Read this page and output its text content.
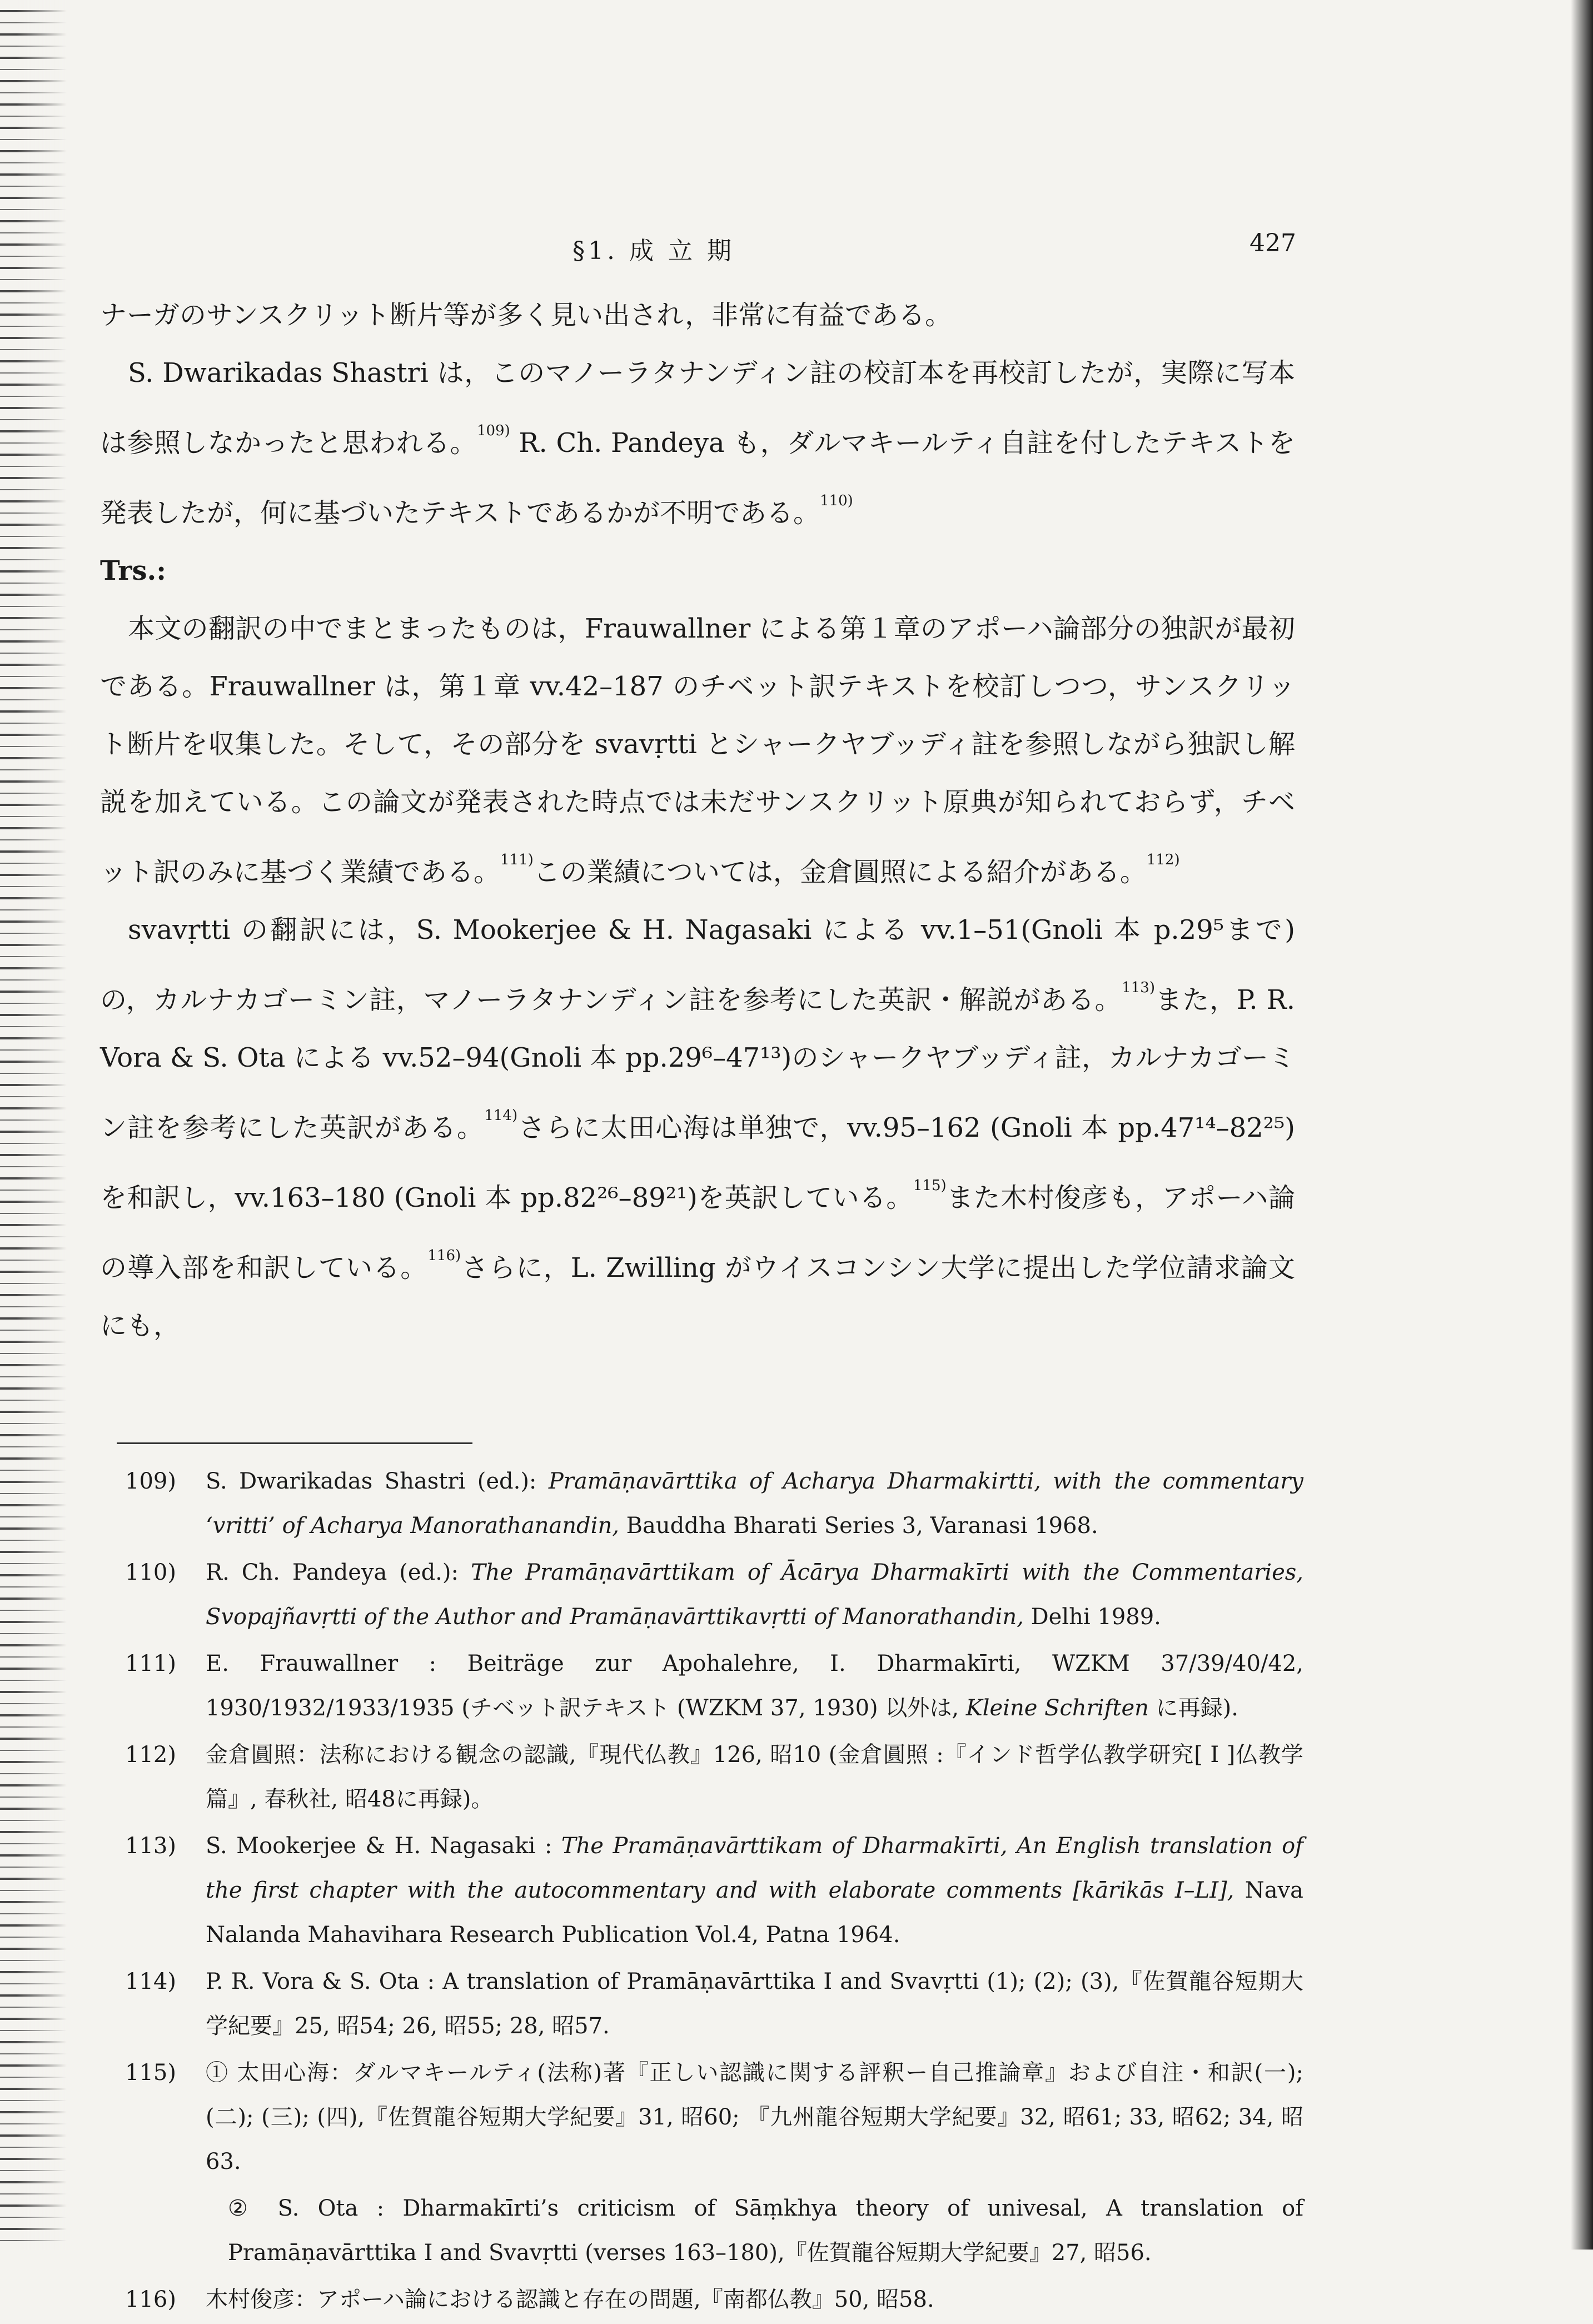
§1. 成 立 期	427

ナーガのサンスクリット断片等が多く見い出され，非常に有益である。

S. Dwarikadas Shastri は，このマノーラタナンディン註の校訂本を再校訂したが，実際に写本は参照しなかったと思われる。$^{109)}$ R. Ch. Pandeya も，ダルマキールティ自註を付したテキストを発表したが，何に基づいたテキストであるかが不明である。$^{110)}$

Trs.:

本文の翻訳の中でまとまったものは，Frauwallner による第１章のアポーハ論部分の独訳が最初である。Frauwallner は，第１章 vv.42–187 のチベット訳テキストを校訂しつつ，サンスクリット断片を収集した。そして，その部分を svavṛtti とシャークヤブッディ註を参照しながら独訳し解説を加えている。この論文が発表された時点では未だサンスクリット原典が知られておらず，チベット訳のみに基づく業績である。$^{111)}$この業績については，金倉圓照による紹介がある。$^{112)}$

svavṛtti の翻訳には，S. Mookerjee & H. Nagasaki による vv.1–51(Gnoli 本 p.29⁵まで) の，カルナカゴーミン註，マノーラタナンディン註を参考にした英訳・解説がある。$^{113)}$また，P. R. Vora & S. Ota による vv.52–94(Gnoli 本 pp.29⁶–47¹³)のシャークヤブッディ註，カルナカゴーミン註を参考にした英訳がある。$^{114)}$さらに太田心海は単独で，vv.95–162 (Gnoli 本 pp.47¹⁴–82²⁵)を和訳し，vv.163–180 (Gnoli 本 pp.82²⁶–89²¹)を英訳している。$^{115)}$また木村俊彦も，アポーハ論の導入部を和訳している。$^{116)}$さらに，L. Zwilling がウイスコンシン大学に提出した学位請求論文にも，

109)	S. Dwarikadas Shastri (ed.): Pramāṇavārttika of Acharya Dharmakirtti, with the commentary ‘vritti’ of Acharya Manorathanandin, Bauddha Bharati Series 3, Varanasi 1968.
110)	R. Ch. Pandeya (ed.): The Pramāṇavārttikam of Ācārya Dharmakīrti with the Commentaries, Svopajñavṛtti of the Author and Pramāṇavārttikavṛtti of Manorathandin, Delhi 1989.
111)	E. Frauwallner : Beiträge zur Apohalehre, I. Dharmakīrti, WZKM 37/39/40/42, 1930/1932/1933/1935 (チベット訳テキスト (WZKM 37, 1930) 以外は, Kleine Schriften に再録).
112)	金倉圓照：法称における観念の認識,『現代仏教』126, 昭10 (金倉圓照 :『インド哲学仏教学研究[ I ]仏教学篇』, 春秋社, 昭48に再録)。
113)	S. Mookerjee & H. Nagasaki : The Pramāṇavārttikam of Dharmakīrti, An English translation of the first chapter with the autocommentary and with elaborate comments [kārikās I–LI], Nava Nalanda Mahavihara Research Publication Vol.4, Patna 1964.
114)	P. R. Vora & S. Ota : A translation of Pramāṇavārttika I and Svavṛtti (1); (2); (3),『佐賀龍谷短期大学紀要』25, 昭54; 26, 昭55; 28, 昭57.
115)	① 太田心海：ダルマキールティ(法称)著『正しい認識に関する評釈ー自己推論章』および自注・和訳(一); (二); (三); (四),『佐賀龍谷短期大学紀要』31, 昭60; 『九州龍谷短期大学紀要』32, 昭61; 33, 昭62; 34, 昭63.
② S. Ota : Dharmakīrti’s criticism of Sāṃkhya theory of univesal, A translation of Pramāṇavārttika I and Svavṛtti (verses 163–180),『佐賀龍谷短期大学紀要』27, 昭56.
116)	木村俊彦：アポーハ論における認識と存在の問題,『南都仏教』50, 昭58.
